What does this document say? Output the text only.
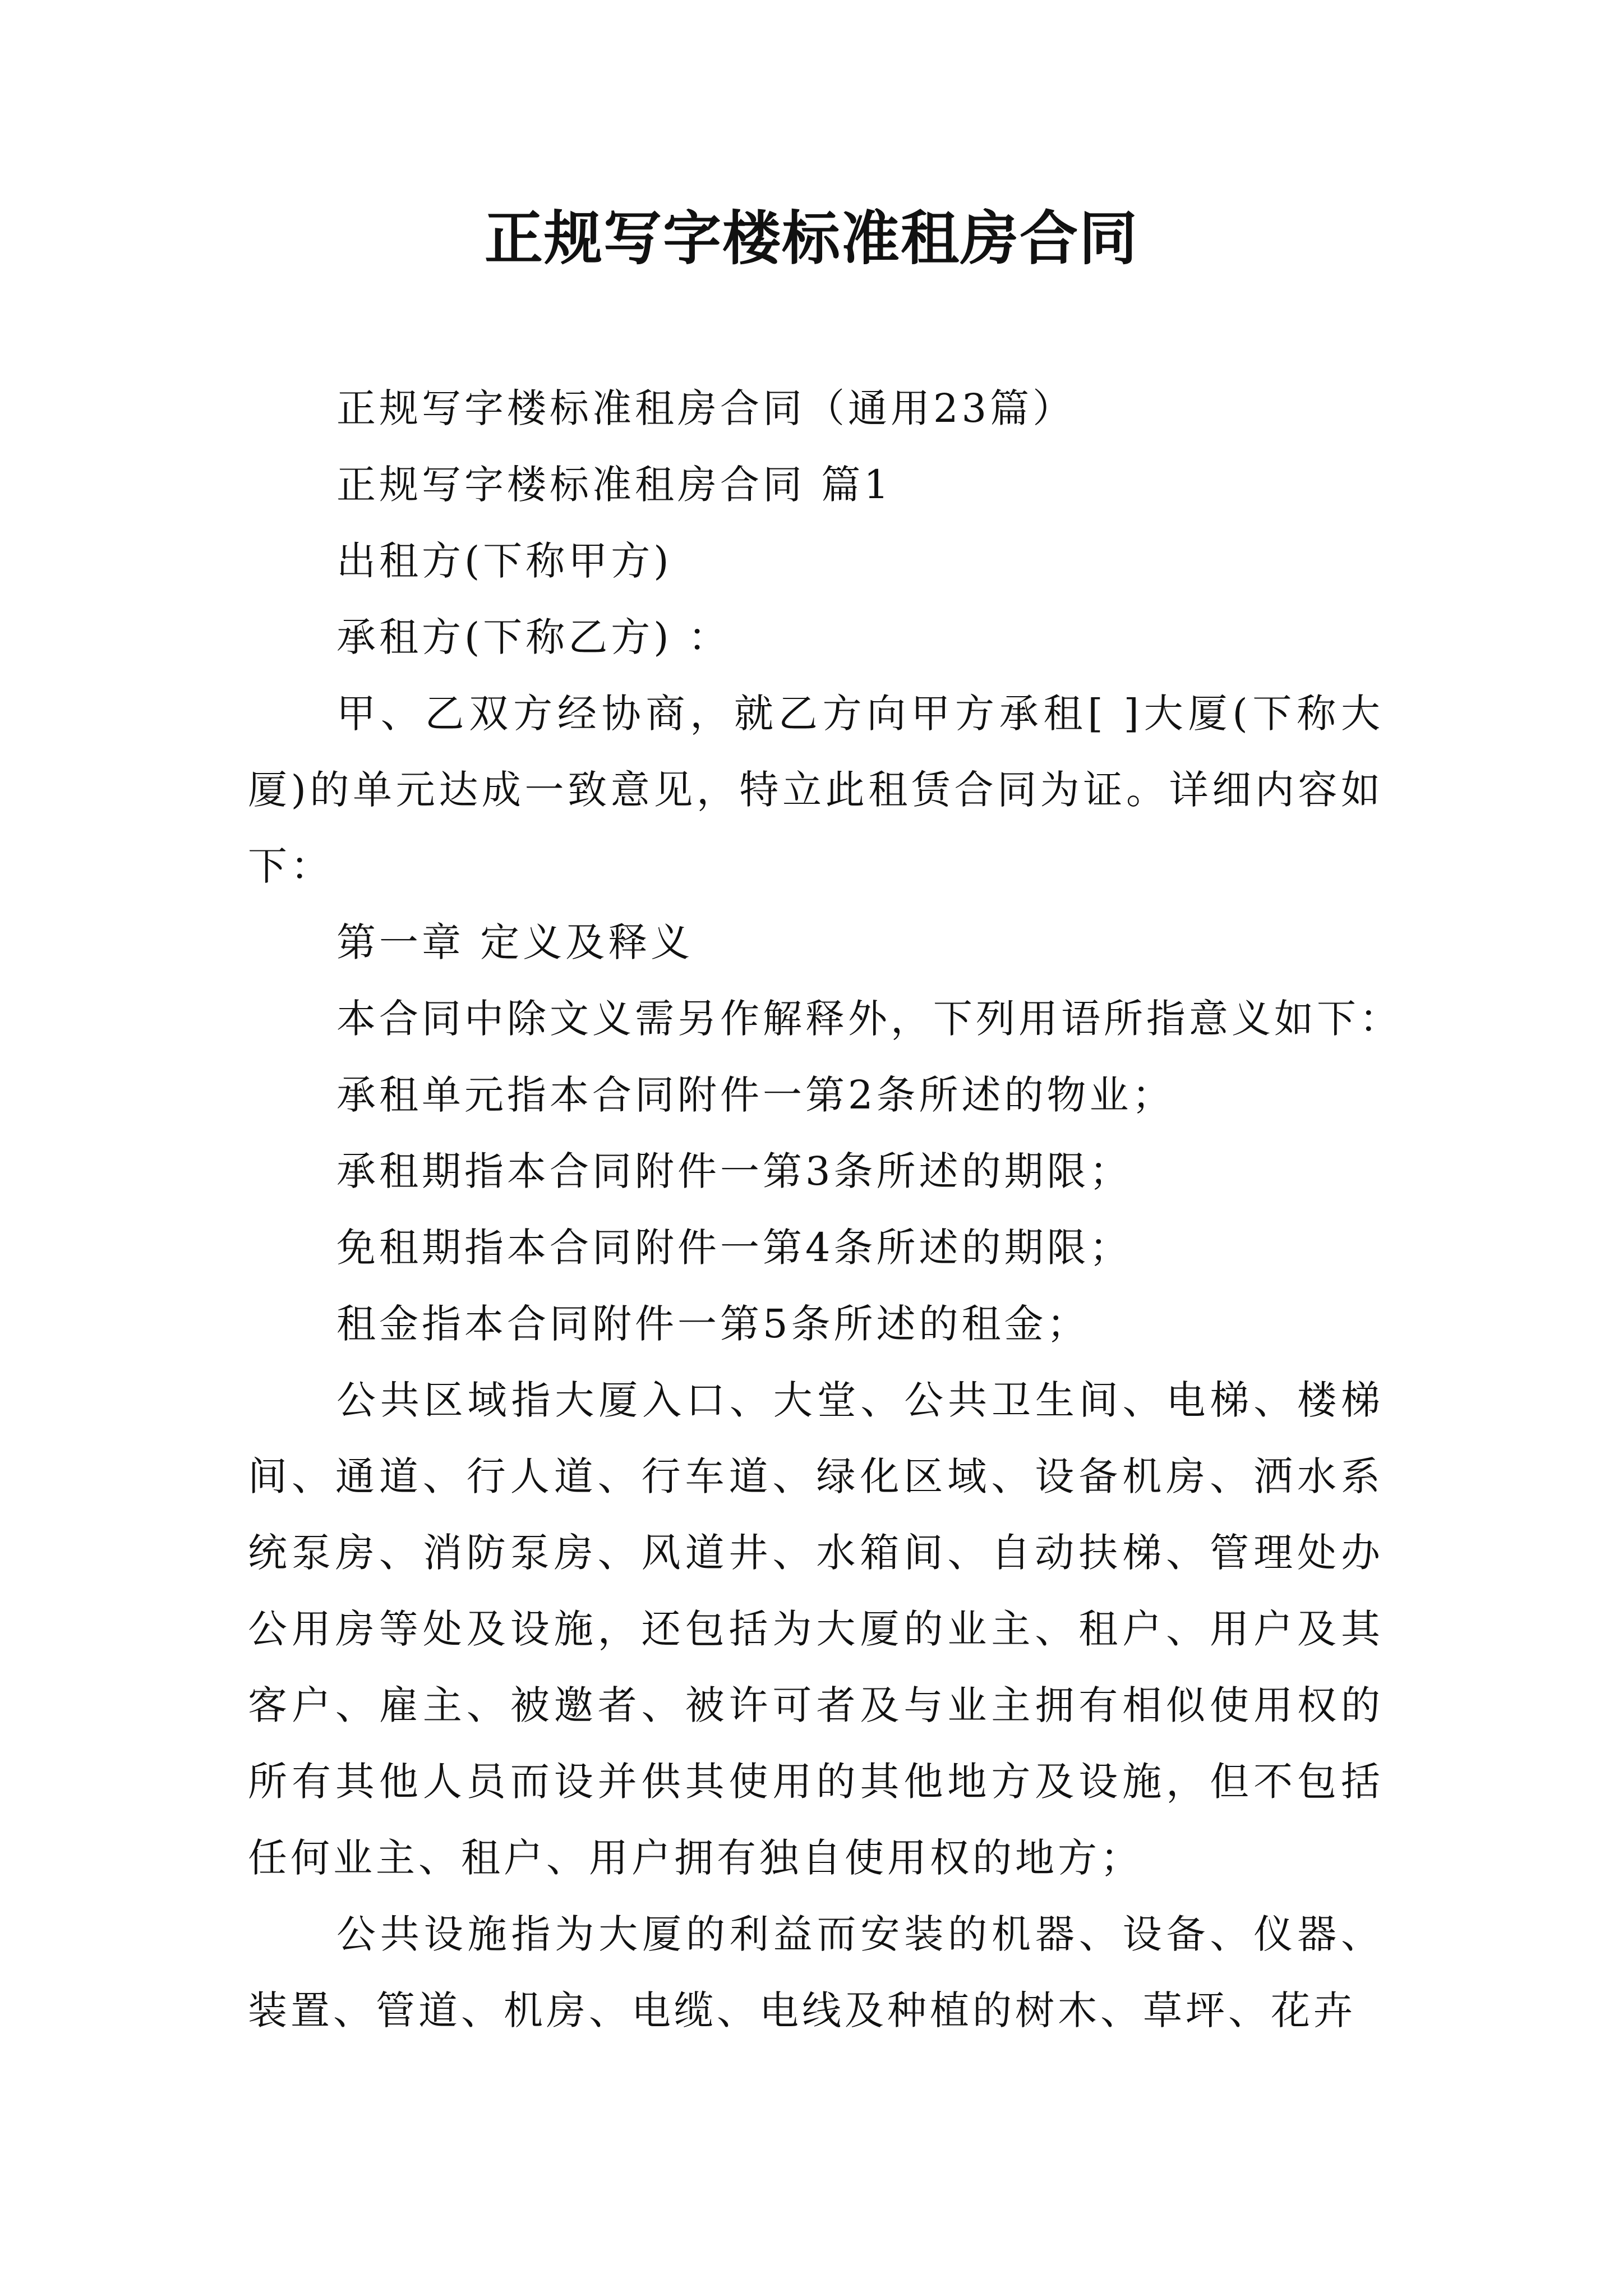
正规写字楼标准租房合同

正规写字楼标准租房合同（通用23篇）

正规写字楼标准租房合同 篇1

出租方(下称甲方)

承租方(下称乙方) ：

甲、乙双方经协商，就乙方向甲方承租[ ]大厦(下称大厦)的单元达成一致意见，特立此租赁合同为证。详细内容如下：

第一章 定义及释义

本合同中除文义需另作解释外，下列用语所指意义如下：

承租单元指本合同附件一第2条所述的物业；

承租期指本合同附件一第3条所述的期限；

免租期指本合同附件一第4条所述的期限；

租金指本合同附件一第5条所述的租金；

公共区域指大厦入口、大堂、公共卫生间、电梯、楼梯间、通道、行人道、行车道、绿化区域、设备机房、洒水系统泵房、消防泵房、风道井、水箱间、自动扶梯、管理处办公用房等处及设施，还包括为大厦的业主、租户、用户及其客户、雇主、被邀者、被许可者及与业主拥有相似使用权的所有其他人员而设并供其使用的其他地方及设施，但不包括任何业主、租户、用户拥有独自使用权的地方；

公共设施指为大厦的利益而安装的机器、设备、仪器、装置、管道、机房、电缆、电线及种植的树木、草坪、花卉
